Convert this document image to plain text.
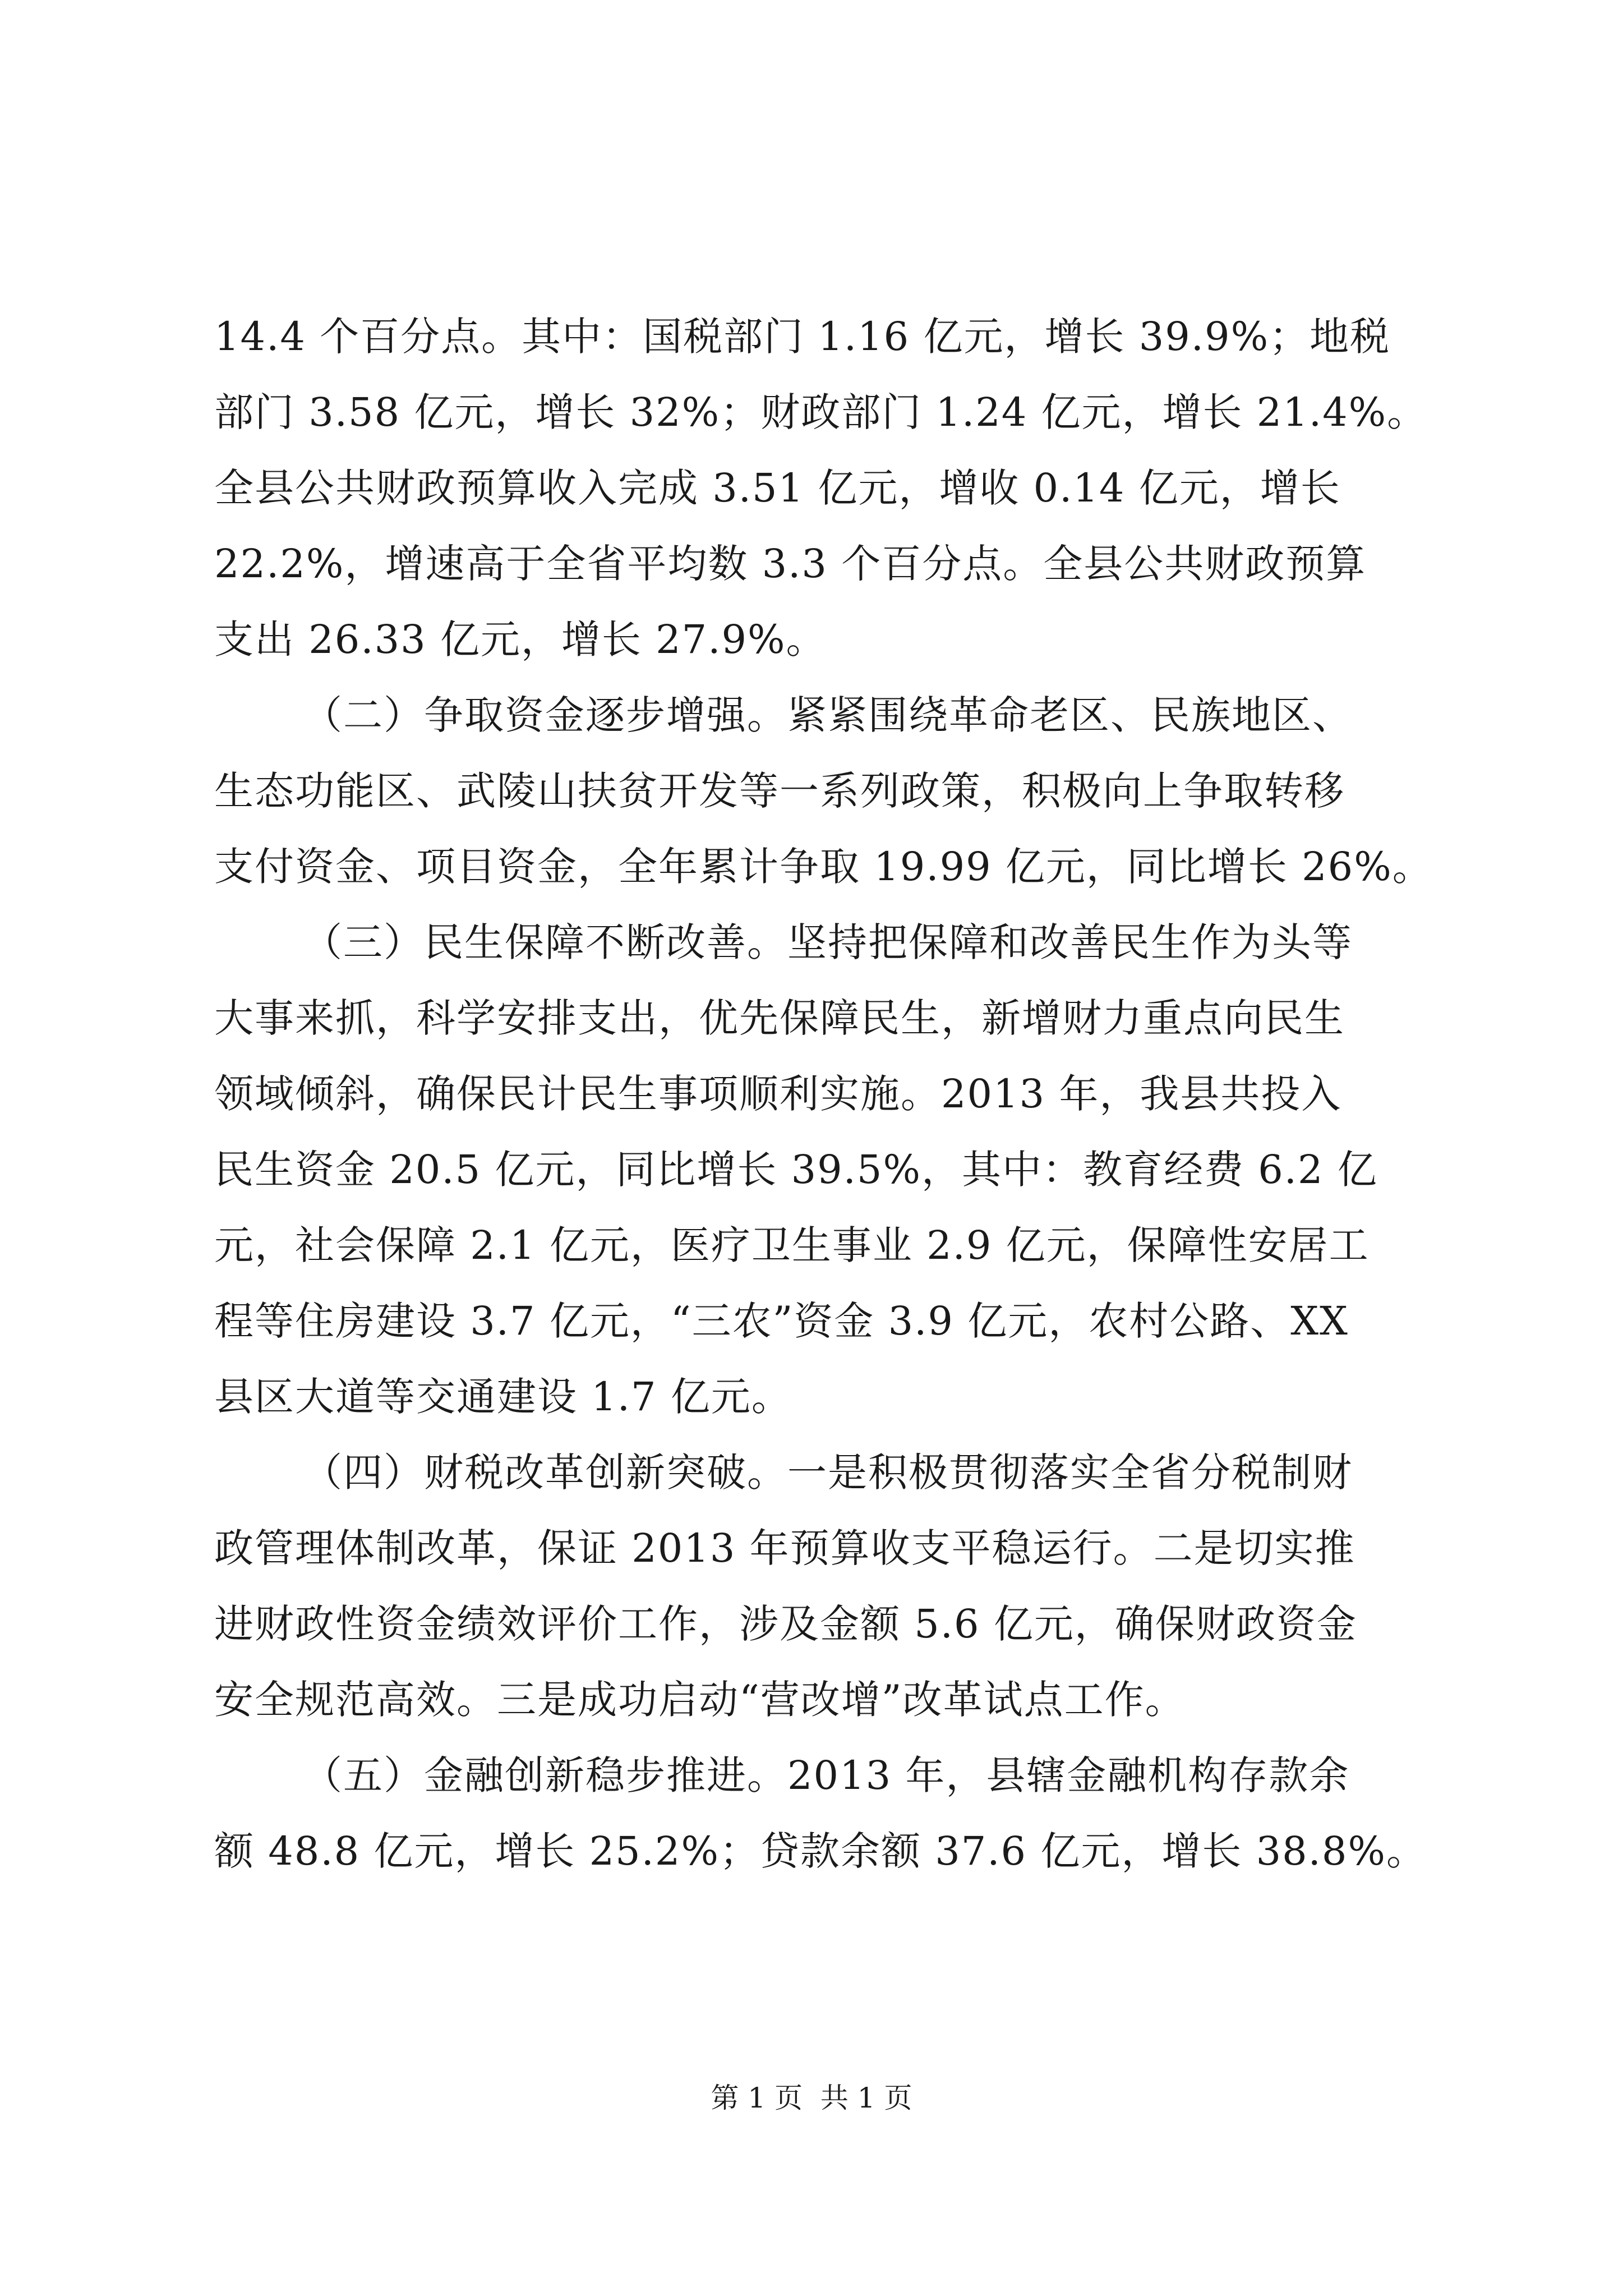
14.4 个百分点。其中：国税部门 1.16 亿元，增长 39.9%；地税
部门 3.58 亿元，增长 32%；财政部门 1.24 亿元，增长 21.4%。
全县公共财政预算收入完成 3.51 亿元，增收 0.14 亿元，增长
22.2%，增速高于全省平均数 3.3 个百分点。全县公共财政预算
支出 26.33 亿元，增长 27.9%。
（二）争取资金逐步增强。紧紧围绕革命老区、民族地区、
生态功能区、武陵山扶贫开发等一系列政策，积极向上争取转移
支付资金、项目资金，全年累计争取 19.99 亿元，同比增长 26%。
（三）民生保障不断改善。坚持把保障和改善民生作为头等
大事来抓，科学安排支出，优先保障民生，新增财力重点向民生
领域倾斜，确保民计民生事项顺利实施。2013 年，我县共投入
民生资金 20.5 亿元，同比增长 39.5%，其中：教育经费 6.2 亿
元，社会保障 2.1 亿元，医疗卫生事业 2.9 亿元，保障性安居工
程等住房建设 3.7 亿元，“三农”资金 3.9 亿元，农村公路、XX
县区大道等交通建设 1.7 亿元。
（四）财税改革创新突破。一是积极贯彻落实全省分税制财
政管理体制改革，保证 2013 年预算收支平稳运行。二是切实推
进财政性资金绩效评价工作，涉及金额 5.6 亿元，确保财政资金
安全规范高效。三是成功启动“营改增”改革试点工作。
（五）金融创新稳步推进。2013 年，县辖金融机构存款余
额 48.8 亿元，增长 25.2%；贷款余额 37.6 亿元，增长 38.8%。
第 1 页  共 1 页
